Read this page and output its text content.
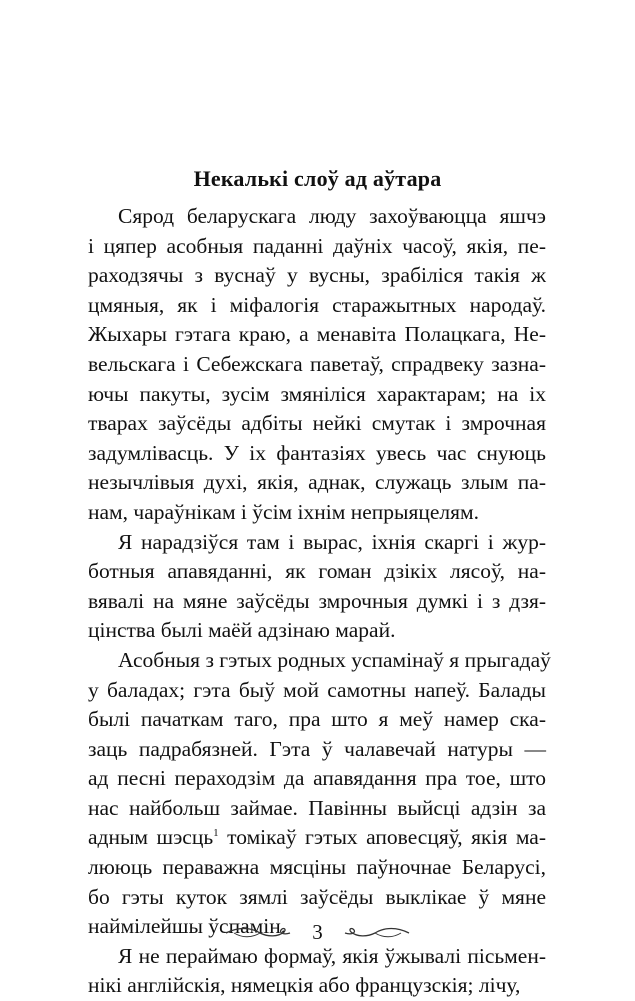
Некалькі слоў ад аўтара
Сярод беларускага люду захоўваюцца яшчэ
і цяпер асобныя паданні даўніх часоў, якія, пе-
раходзячы з вуснаў у вусны, зрабіліся такія ж
цмяныя, як і міфалогія старажытных народаў.
Жыхары гэтага краю, а менавіта Полацкага, Не-
вельскага і Себежскага паветаў, спрадвеку зазна-
ючы пакуты, зусім змяніліся характарам; на іх
тварах заўсёды адбіты нейкі смутак і змрочная
задумлівасць. У іх фантазіях увесь час снуюць
незычлівыя духі, якія, аднак, служаць злым па-
нам, чараўнікам і ўсім іхнім непрыяцелям.
Я нарадзіўся там і вырас, іхнія скаргі і жур-
ботныя апавяданні, як гоман дзікіх лясоў, на-
вявалі на мяне заўсёды змрочныя думкі і з дзя-
цінства былі маёй адзінаю марай.
Асобныя з гэтых родных успамінаў я прыгадаў
у баладах; гэта быў мой самотны напеў. Балады
былі пачаткам таго, пра што я меў намер ска-
заць падрабязней. Гэта ў чалавечай натуры —
ад песні пераходзім да апавядання пра тое, што
нас найбольш займае. Павінны выйсці адзін за
адным шэсць$^1$ томікаў гэтых аповесцяў, якія ма-
лююць пераважна мясціны паўночнае Беларусі,
бо гэты куток зямлі заўсёды выклікае ў мяне
наймілейшы ўспамін.
Я не пераймаю формаў, якія ўжывалі пісьмен-
нікі англійскія, нямецкія або французскія; лічу,
3
